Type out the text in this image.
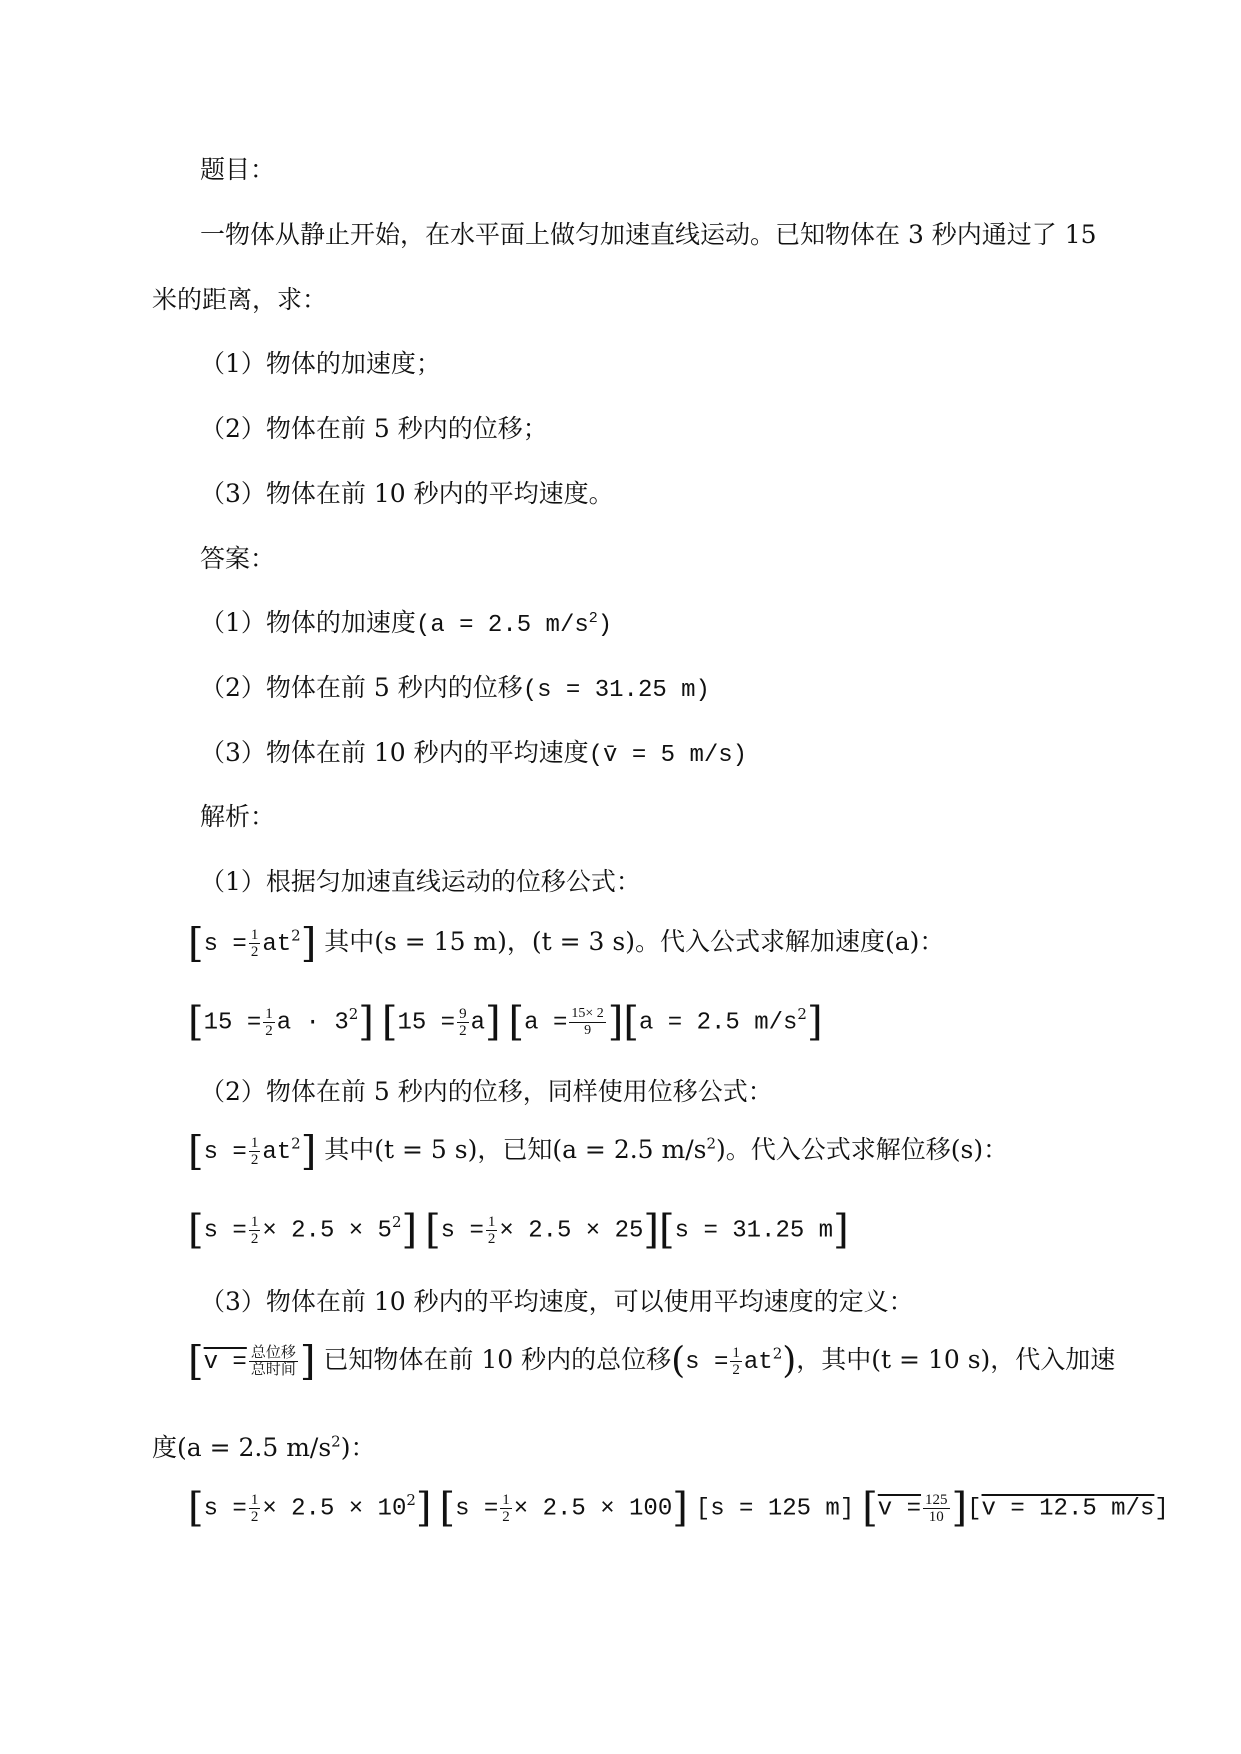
题目：
一物体从静止开始，在水平面上做匀加速直线运动。已知物体在 3 秒内通过了 15
米的距离，求：
（1）物体的加速度；
（2）物体在前 5 秒内的位移；
（3）物体在前 10 秒内的平均速度。
答案：
（1）物体的加速度(a = 2.5 $m/s^2$)
（2）物体在前 5 秒内的位移(s = 31.25 m)
（3）物体在前 10 秒内的平均速度(v̄ = 5 m/s)
解析：
（1）根据匀加速直线运动的位移公式：
$[s = \frac{1}{2} at^2]$ 其中(s = 15 m)，(t = 3 s)。代入公式求解加速度(a)：
[$15 = \frac{1}{2}$ $a \cdot 3^2$] $[15 = \frac{9}{2} a]$ $[a = \frac{15\times 2}{9} ][a = 2.5$ $m/s^2$]
（2）物体在前 5 秒内的位移，同样使用位移公式：
$[s = \frac{1}{2} at^2]$ 其中(t = 5 s)，已知(a = 2.5 $m/s^2$)。代入公式求解位移(s)：
$[s = \frac{1}{2} \times 2.5 \times 5^2]$ $[s = \frac{1}{2} \times 2.5 \times 25][s = 31.25$ m]
（3）物体在前 10 秒内的平均速度，可以使用平均速度的定义：
[$v = \frac{\text{总位移}}{\text{总时间}}$ ] 已知物体在前 10 秒内的总位移$(s = \frac{1}{2} at^2)$，其中(t = 10 s)，代入加速
度(a = 2.5 $m/s^2$)：
$[s = \frac{1}{2} \times 2.5 \times 10^2]$ $[s = \frac{1}{2} \times 2.5 \times 100]$ [s = 125 m] $[v = \frac{125}{10} ][v = 12.5$ m/s]
